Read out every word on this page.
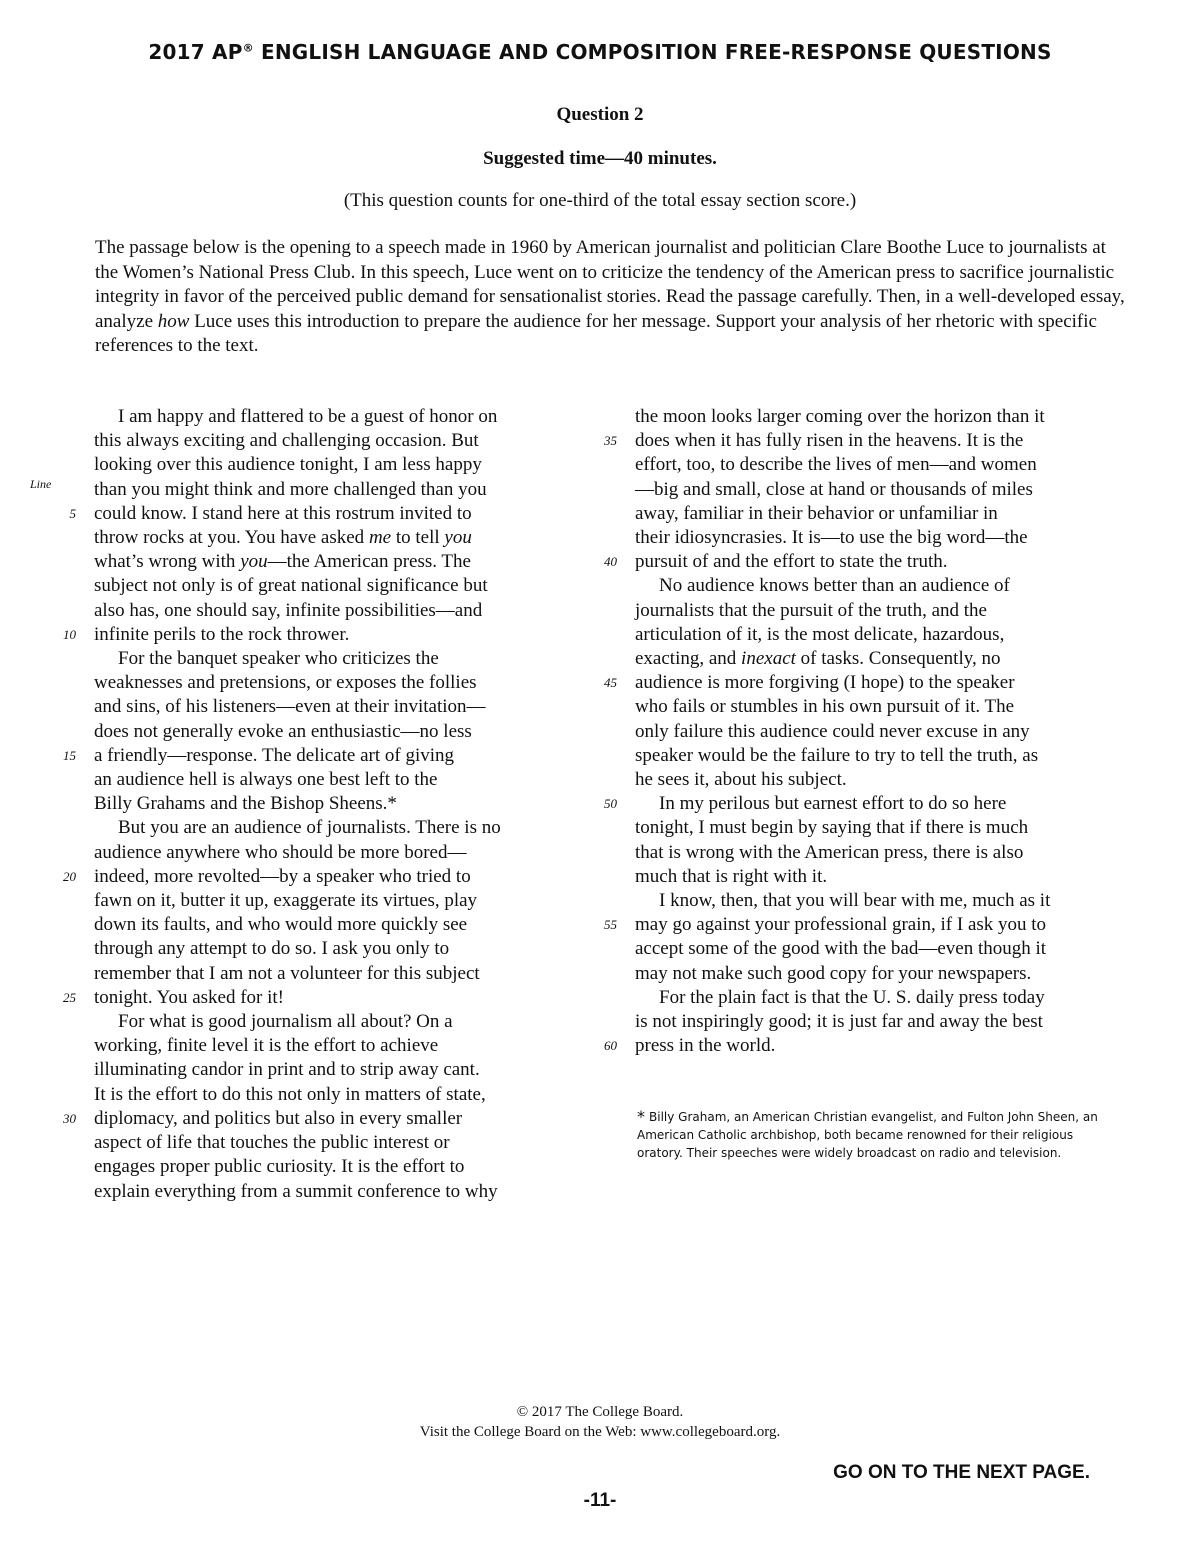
2017 AP® ENGLISH LANGUAGE AND COMPOSITION FREE-RESPONSE QUESTIONS
Question 2
Suggested time—40 minutes.
(This question counts for one-third of the total essay section score.)

The passage below is the opening to a speech made in 1960 by American journalist and politician Clare Boothe Luce to journalists at the Women’s National Press Club. In this speech, Luce went on to criticize the tendency of the American press to sacrifice journalistic integrity in favor of the perceived public demand for sensationalist stories. Read the passage carefully. Then, in a well-developed essay, analyze how Luce uses this introduction to prepare the audience for her message. Support your analysis of her rhetoric with specific references to the text.

Line
I am happy and flattered to be a guest of honor on
this always exciting and challenging occasion. But
looking over this audience tonight, I am less happy
than you might think and more challenged than you
5 could know. I stand here at this rostrum invited to
throw rocks at you. You have asked me to tell you
what’s wrong with you—the American press. The
subject not only is of great national significance but
also has, one should say, infinite possibilities—and
10 infinite perils to the rock thrower.
For the banquet speaker who criticizes the
weaknesses and pretensions, or exposes the follies
and sins, of his listeners—even at their invitation—
does not generally evoke an enthusiastic—no less
15 a friendly—response. The delicate art of giving
an audience hell is always one best left to the
Billy Grahams and the Bishop Sheens.*
But you are an audience of journalists. There is no
audience anywhere who should be more bored—
20 indeed, more revolted—by a speaker who tried to
fawn on it, butter it up, exaggerate its virtues, play
down its faults, and who would more quickly see
through any attempt to do so. I ask you only to
remember that I am not a volunteer for this subject
25 tonight. You asked for it!
For what is good journalism all about? On a
working, finite level it is the effort to achieve
illuminating candor in print and to strip away cant.
It is the effort to do this not only in matters of state,
30 diplomacy, and politics but also in every smaller
aspect of life that touches the public interest or
engages proper public curiosity. It is the effort to
explain everything from a summit conference to why
the moon looks larger coming over the horizon than it
35 does when it has fully risen in the heavens. It is the
effort, too, to describe the lives of men—and women
—big and small, close at hand or thousands of miles
away, familiar in their behavior or unfamiliar in
their idiosyncrasies. It is—to use the big word—the
40 pursuit of and the effort to state the truth.
No audience knows better than an audience of
journalists that the pursuit of the truth, and the
articulation of it, is the most delicate, hazardous,
exacting, and inexact of tasks. Consequently, no
45 audience is more forgiving (I hope) to the speaker
who fails or stumbles in his own pursuit of it. The
only failure this audience could never excuse in any
speaker would be the failure to try to tell the truth, as
he sees it, about his subject.
50 In my perilous but earnest effort to do so here
tonight, I must begin by saying that if there is much
that is wrong with the American press, there is also
much that is right with it.
I know, then, that you will bear with me, much as it
55 may go against your professional grain, if I ask you to
accept some of the good with the bad—even though it
may not make such good copy for your newspapers.
For the plain fact is that the U. S. daily press today
is not inspiringly good; it is just far and away the best
60 press in the world.
* Billy Graham, an American Christian evangelist, and Fulton John Sheen, an American Catholic archbishop, both became renowned for their religious oratory. Their speeches were widely broadcast on radio and television.
© 2017 The College Board.
Visit the College Board on the Web: www.collegeboard.org.
GO ON TO THE NEXT PAGE.
-11-
